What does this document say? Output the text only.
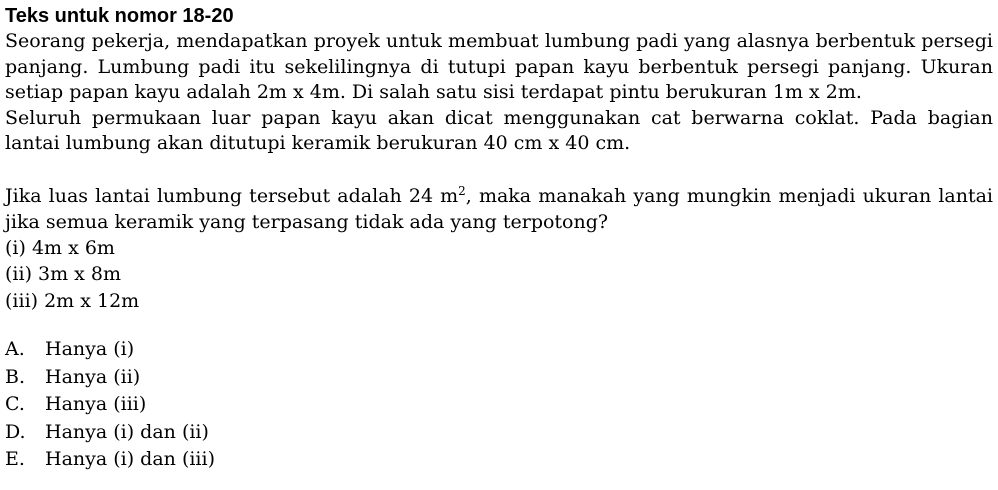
Teks untuk nomor 18-20

Seorang pekerja, mendapatkan proyek untuk membuat lumbung padi yang alasnya berbentuk persegi panjang. Lumbung padi itu sekelilingnya di tutupi papan kayu berbentuk persegi panjang. Ukuran setiap papan kayu adalah 2m x 4m. Di salah satu sisi terdapat pintu berukuran 1m x 2m.

Seluruh permukaan luar papan kayu akan dicat menggunakan cat berwarna coklat. Pada bagian lantai lumbung akan ditutupi keramik berukuran 40 cm x 40 cm.

Jika luas lantai lumbung tersebut adalah 24 $m^2$, maka manakah yang mungkin menjadi ukuran lantai jika semua keramik yang terpasang tidak ada yang terpotong?

(i) 4m x 6m
(ii) 3m x 8m
(iii) 2m x 12m
A.	Hanya (i)
B.	Hanya (ii)
C.	Hanya (iii)
D.	Hanya (i) dan (ii)
E.	Hanya (i) dan (iii)
